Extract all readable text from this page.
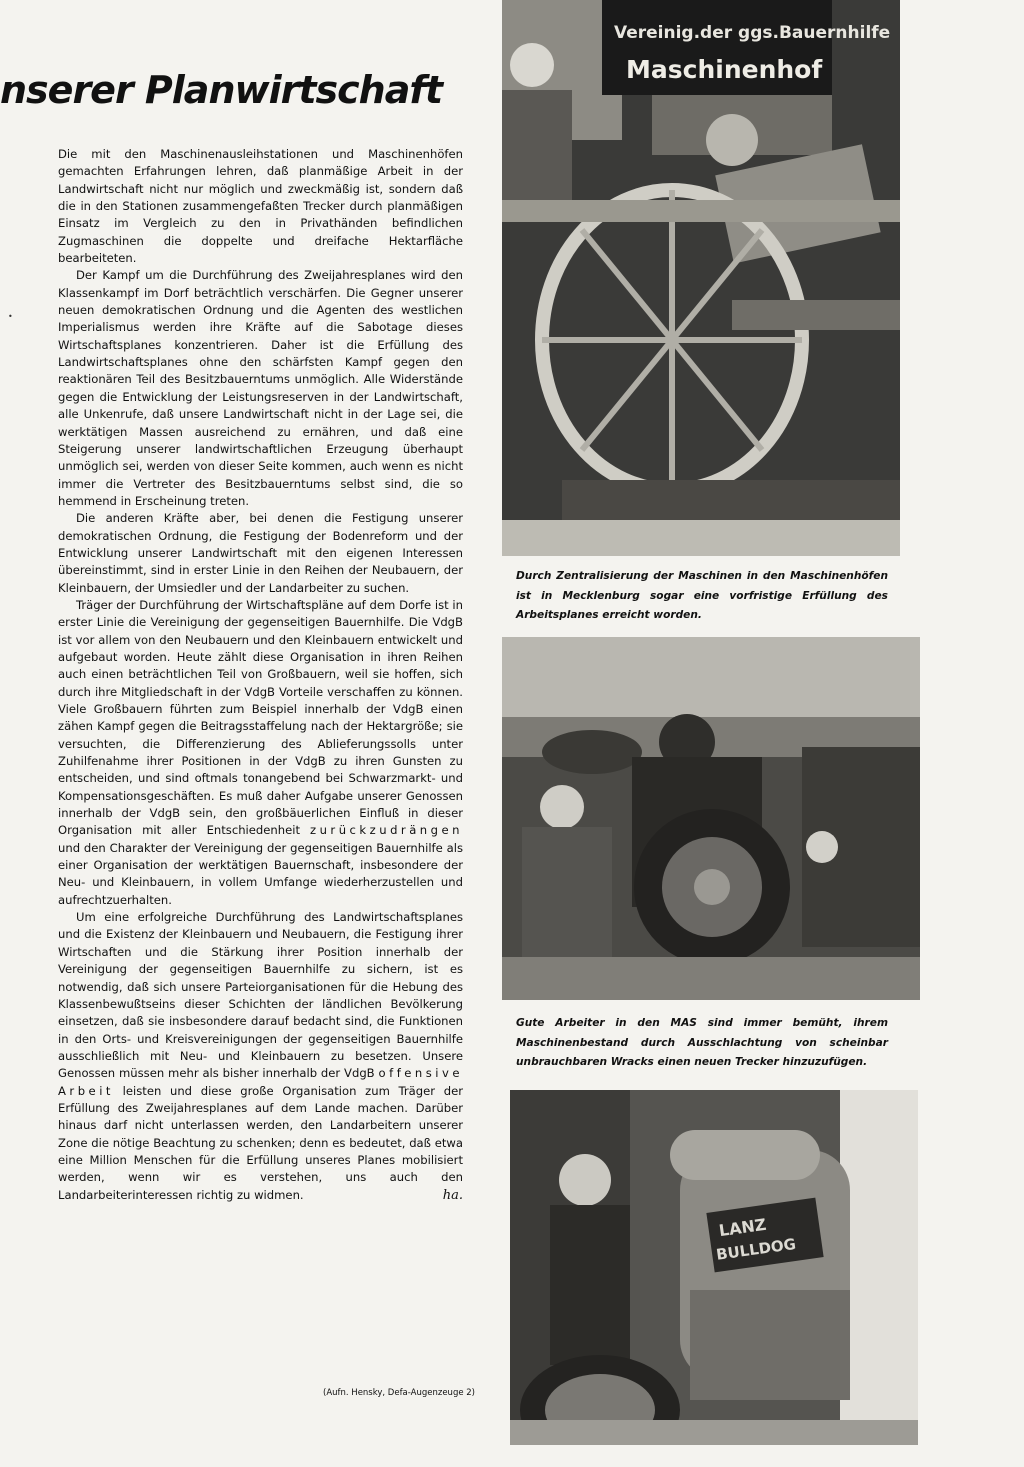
nserer Planwirtschaft

Die mit den Maschinenausleihstationen und Maschinenhöfen gemachten Erfahrungen lehren, daß planmäßige Arbeit in der Landwirtschaft nicht nur möglich und zweckmäßig ist, sondern daß die in den Stationen zusammengefaßten Trecker durch planmäßigen Einsatz im Vergleich zu den in Privathänden befindlichen Zugmaschinen die doppelte und dreifache Hektarfläche bearbeiteten.

Der Kampf um die Durchführung des Zweijahresplanes wird den Klassenkampf im Dorf beträchtlich verschärfen. Die Gegner unserer neuen demokratischen Ordnung und die Agenten des westlichen Imperialismus werden ihre Kräfte auf die Sabotage dieses Wirtschaftsplanes konzentrieren. Daher ist die Erfüllung des Landwirtschaftsplanes ohne den schärfsten Kampf gegen den reaktionären Teil des Besitzbauerntums unmöglich. Alle Widerstände gegen die Entwicklung der Leistungsreserven in der Landwirtschaft, alle Unkenrufe, daß unsere Landwirtschaft nicht in der Lage sei, die werktätigen Massen ausreichend zu ernähren, und daß eine Steigerung unserer landwirtschaftlichen Erzeugung überhaupt unmöglich sei, werden von dieser Seite kommen, auch wenn es nicht immer die Vertreter des Besitzbauerntums selbst sind, die so hemmend in Erscheinung treten.

Die anderen Kräfte aber, bei denen die Festigung unserer demokratischen Ordnung, die Festigung der Bodenreform und der Entwicklung unserer Landwirtschaft mit den eigenen Interessen übereinstimmt, sind in erster Linie in den Reihen der Neubauern, der Kleinbauern, der Umsiedler und der Landarbeiter zu suchen.

Träger der Durchführung der Wirtschaftspläne auf dem Dorfe ist in erster Linie die Vereinigung der gegenseitigen Bauernhilfe. Die VdgB ist vor allem von den Neubauern und den Kleinbauern entwickelt und aufgebaut worden. Heute zählt diese Organisation in ihren Reihen auch einen beträchtlichen Teil von Großbauern, weil sie hoffen, sich durch ihre Mitgliedschaft in der VdgB Vorteile verschaffen zu können. Viele Großbauern führten zum Beispiel innerhalb der VdgB einen zähen Kampf gegen die Beitragsstaffelung nach der Hektargröße; sie versuchten, die Differenzierung des Ablieferungssolls unter Zuhilfenahme ihrer Positionen in der VdgB zu ihren Gunsten zu entscheiden, und sind oftmals tonangebend bei Schwarzmarkt- und Kompensationsgeschäften. Es muß daher Aufgabe unserer Genossen innerhalb der VdgB sein, den großbäuerlichen Einfluß in dieser Organisation mit aller Entschiedenheit zurückzudrängen und den Charakter der Vereinigung der gegenseitigen Bauernhilfe als einer Organisation der werktätigen Bauernschaft, insbesondere der Neu- und Kleinbauern, in vollem Umfange wiederherzustellen und aufrechtzuerhalten.

Um eine erfolgreiche Durchführung des Landwirtschaftsplanes und die Existenz der Kleinbauern und Neubauern, die Festigung ihrer Wirtschaften und die Stärkung ihrer Position innerhalb der Vereinigung der gegenseitigen Bauernhilfe zu sichern, ist es notwendig, daß sich unsere Parteiorganisationen für die Hebung des Klassenbewußtseins dieser Schichten der ländlichen Bevölkerung einsetzen, daß sie insbesondere darauf bedacht sind, die Funktionen in den Orts- und Kreisvereinigungen der gegenseitigen Bauernhilfe ausschließlich mit Neu- und Kleinbauern zu besetzen. Unsere Genossen müssen mehr als bisher innerhalb der VdgB offensive Arbeit leisten und diese große Organisation zum Träger der Erfüllung des Zweijahresplanes auf dem Lande machen. Darüber hinaus darf nicht unterlassen werden, den Landarbeitern unserer Zone die nötige Beachtung zu schenken; denn es bedeutet, daß etwa eine Million Menschen für die Erfüllung unseres Planes mobilisiert werden, wenn wir es verstehen, uns auch den Landarbeiterinteressen richtig zu widmen.	ha.

(Aufn. Hensky, Defa-Augenzeuge 2)
•
Vereinig.der ggs.Bauernhilfe
Maschinenhof

Durch Zentralisierung der Maschinen in den Maschinenhöfen ist in Mecklenburg sogar eine vorfristige Erfüllung des Arbeitsplanes erreicht worden.

Gute Arbeiter in den MAS sind immer bemüht, ihrem Maschinenbestand durch Ausschlachtung von scheinbar unbrauchbaren Wracks einen neuen Trecker hinzuzufügen.

LANZ
BULLDOG
